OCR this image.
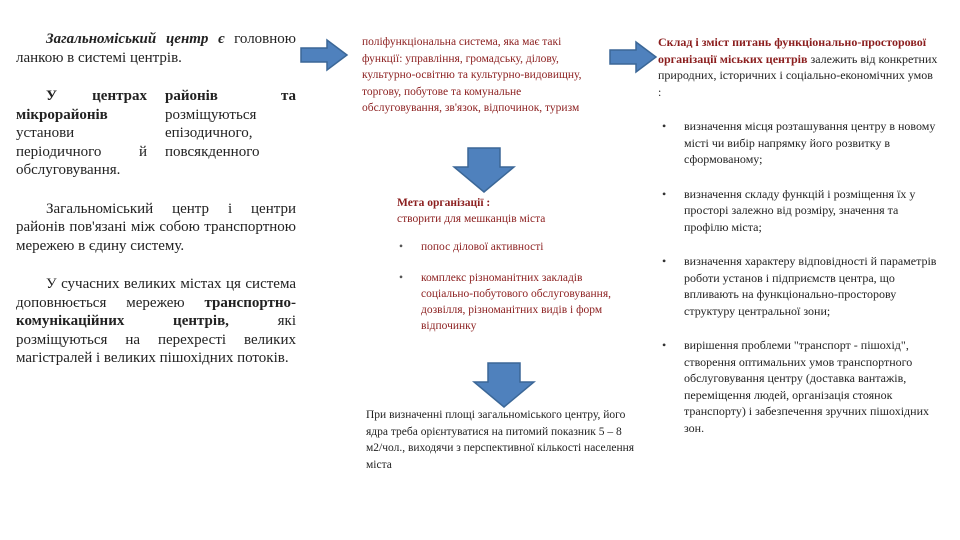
Загальноміський центр є головною ланкою в системі центрів.

У центрах районів та
мікрорайонів	розміщуються
установи	епізодичного,
періодичного й повсякденного
обслуговування.

Загальноміський центр і центри районів пов'язані між собою транспортною мережею в єдину систему.

У сучасних великих містах ця система доповнюється мережею транспортно-комунікаційних центрів,	які розміщуються на перехресті великих магістралей і великих пішохідних потоків.

поліфункціональна система, яка має такі функції: управління, громадську, ділову, культурно-освітню та культурно-видовищну, торгову, побутове та комунальне обслуговування, зв'язок, відпочинок, туризм

Мета організації :

створити для мешканців міста

• попос ділової активності
• комплекс різноманітних закладів соціально-побутового обслуговування, дозвілля, різноманітних видів і форм відпочинку

При визначенні площі загальноміського центру, його ядра треба орієнтуватися на питомий показник 5 – 8 м2/чол., виходячи з перспективної кількості населення міста

Склад і зміст питань функціонально-просторової організації міських центрів залежить від конкретних природних, історичних і соціально-економічних умов :

• визначення місця розташування центру в новому місті чи вибір напрямку його розвитку в сформованому;
• визначення складу функцій і розміщення їх у просторі залежно від розміру, значення та профілю міста;
• визначення характеру відповідності й параметрів роботи установ і підприємств центра, що впливають на функціонально-просторову структуру центральної зони;
• вирішення проблеми "транспорт - пішохід", створення оптимальних умов транспортного обслуговування центру (доставка вантажів, переміщення людей, організація стоянок транспорту) і забезпечення зручних пішохідних зон.
